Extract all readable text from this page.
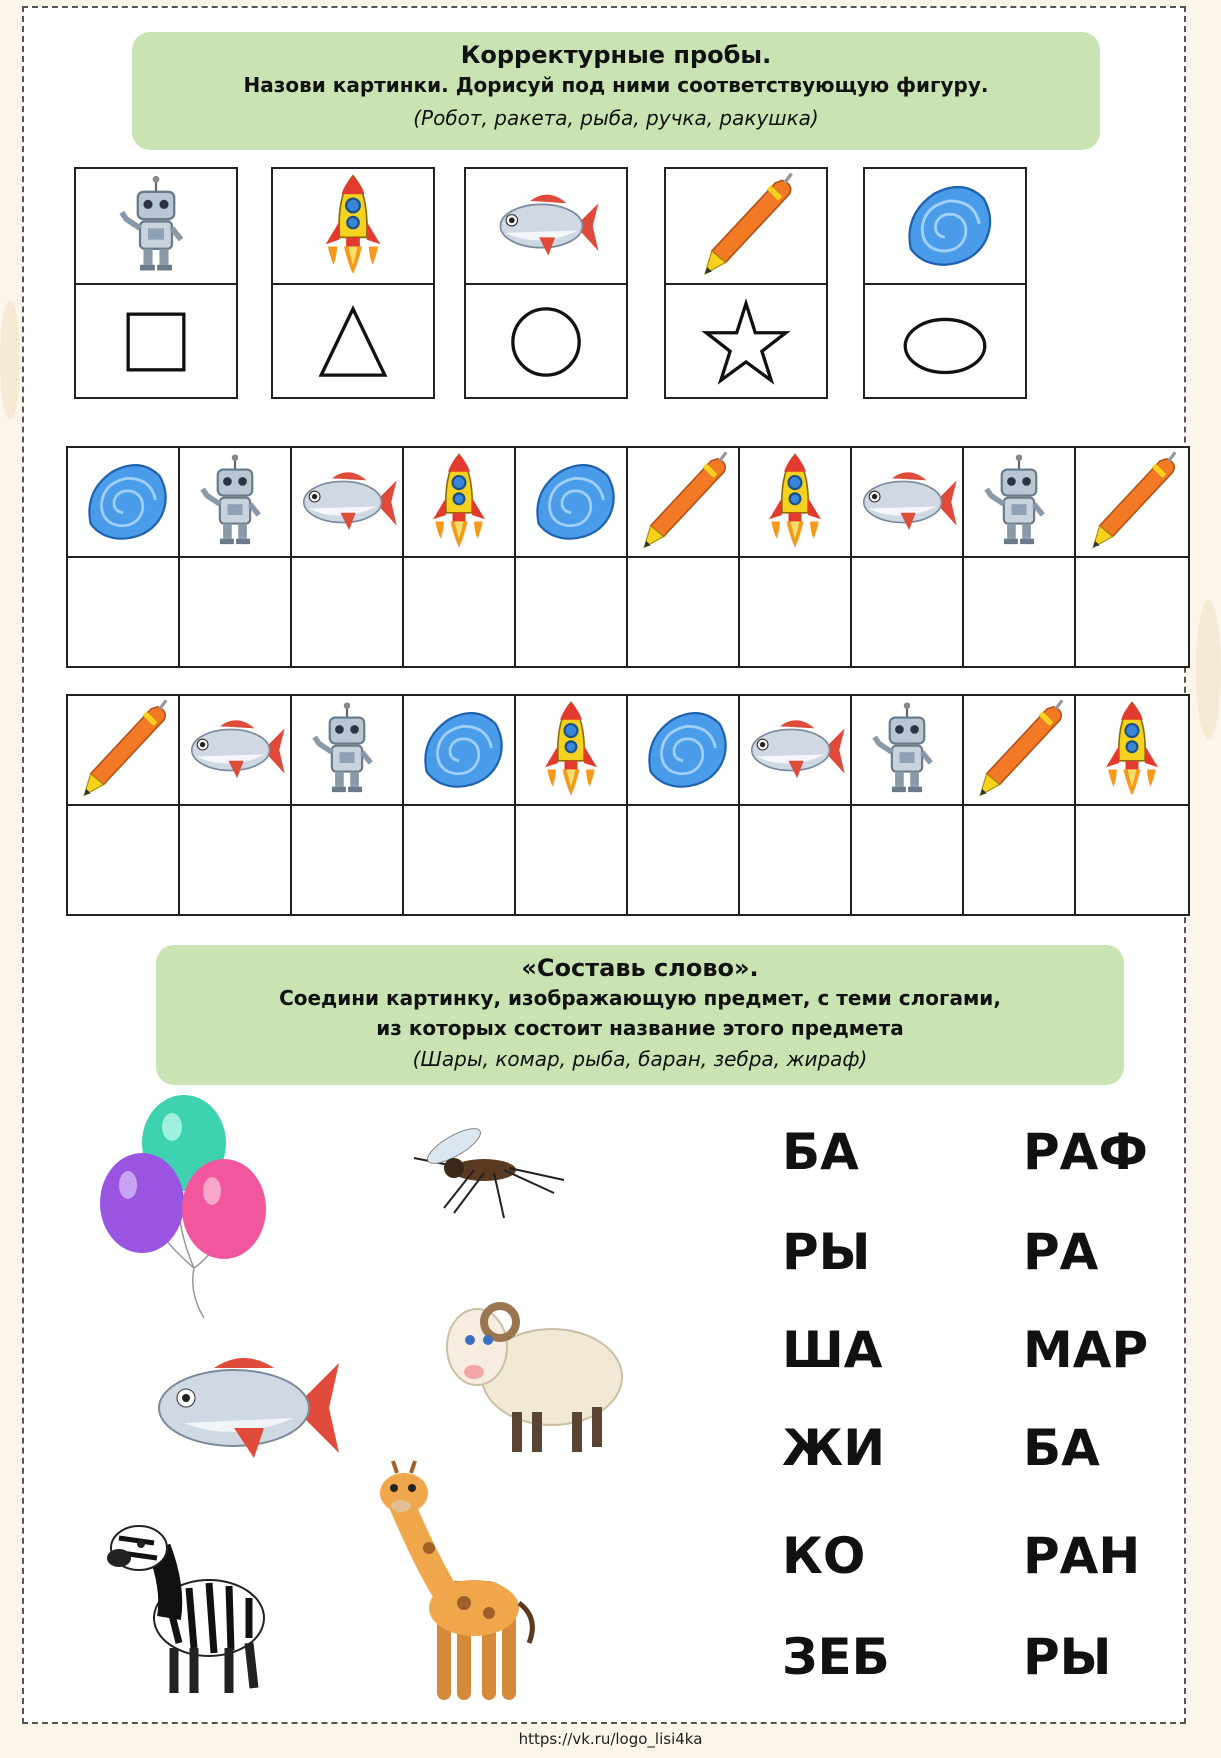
Корректурные пробы.
Назови картинки. Дорисуй под ними соответствующую фигуру.
(Робот, ракета, рыба, ручка, ракушка)
«Составь слово».
Соедини картинку, изображающую предмет, с теми слогами,
из которых состоит название этого предмета
(Шары, комар, рыба, баран, зебра, жираф)
БА
РЫ
ША
ЖИ
КО
ЗЕБ
РАФ
РА
МАР
БА
РАН
РЫ
https://vk.ru/logo_lisi4ka
